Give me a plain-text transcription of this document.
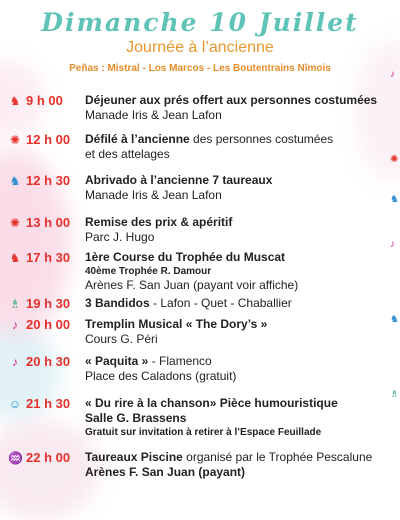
Dimanche 10 Juillet
Journée à l’ancienne
Peñas : Mistral - Los Marcos - Les Boutentrains Nîmois
♞ 9 h 00	Déjeuner aux prés offert aux personnes costumées
Manade Iris & Jean Lafon
✺ 12 h 00	Défilé à l’ancienne des personnes costumées
et des attelages
♞ 12 h 30	Abrivado à l’ancienne 7 taureaux
Manade Iris & Jean Lafon
✺ 13 h 00	Remise des prix & apéritif
Parc J. Hugo
♞ 17 h 30	1ère Course du Trophée du Muscat
40ème Trophée R. Damour
Arènes F. San Juan (payant voir affiche)
♗ 19 h 30	3 Bandidos - Lafon - Quet - Chaballier
♪ 20 h 00	Tremplin Musical « The Dory’s »
Cours G. Péri
♪ 20 h 30	« Paquita » - Flamenco
Place des Caladons (gratuit)
☺ 21 h 30	« Du rire à la chanson» Pièce humouristique
Salle G. Brassens
Gratuit sur invitation à retirer à l’Espace Feuillade
♒ 22 h 00	Taureaux Piscine organisé par le Trophée Pescalune
Arènes F. San Juan (payant)
♪
✺
♞
♪
♞
♗
